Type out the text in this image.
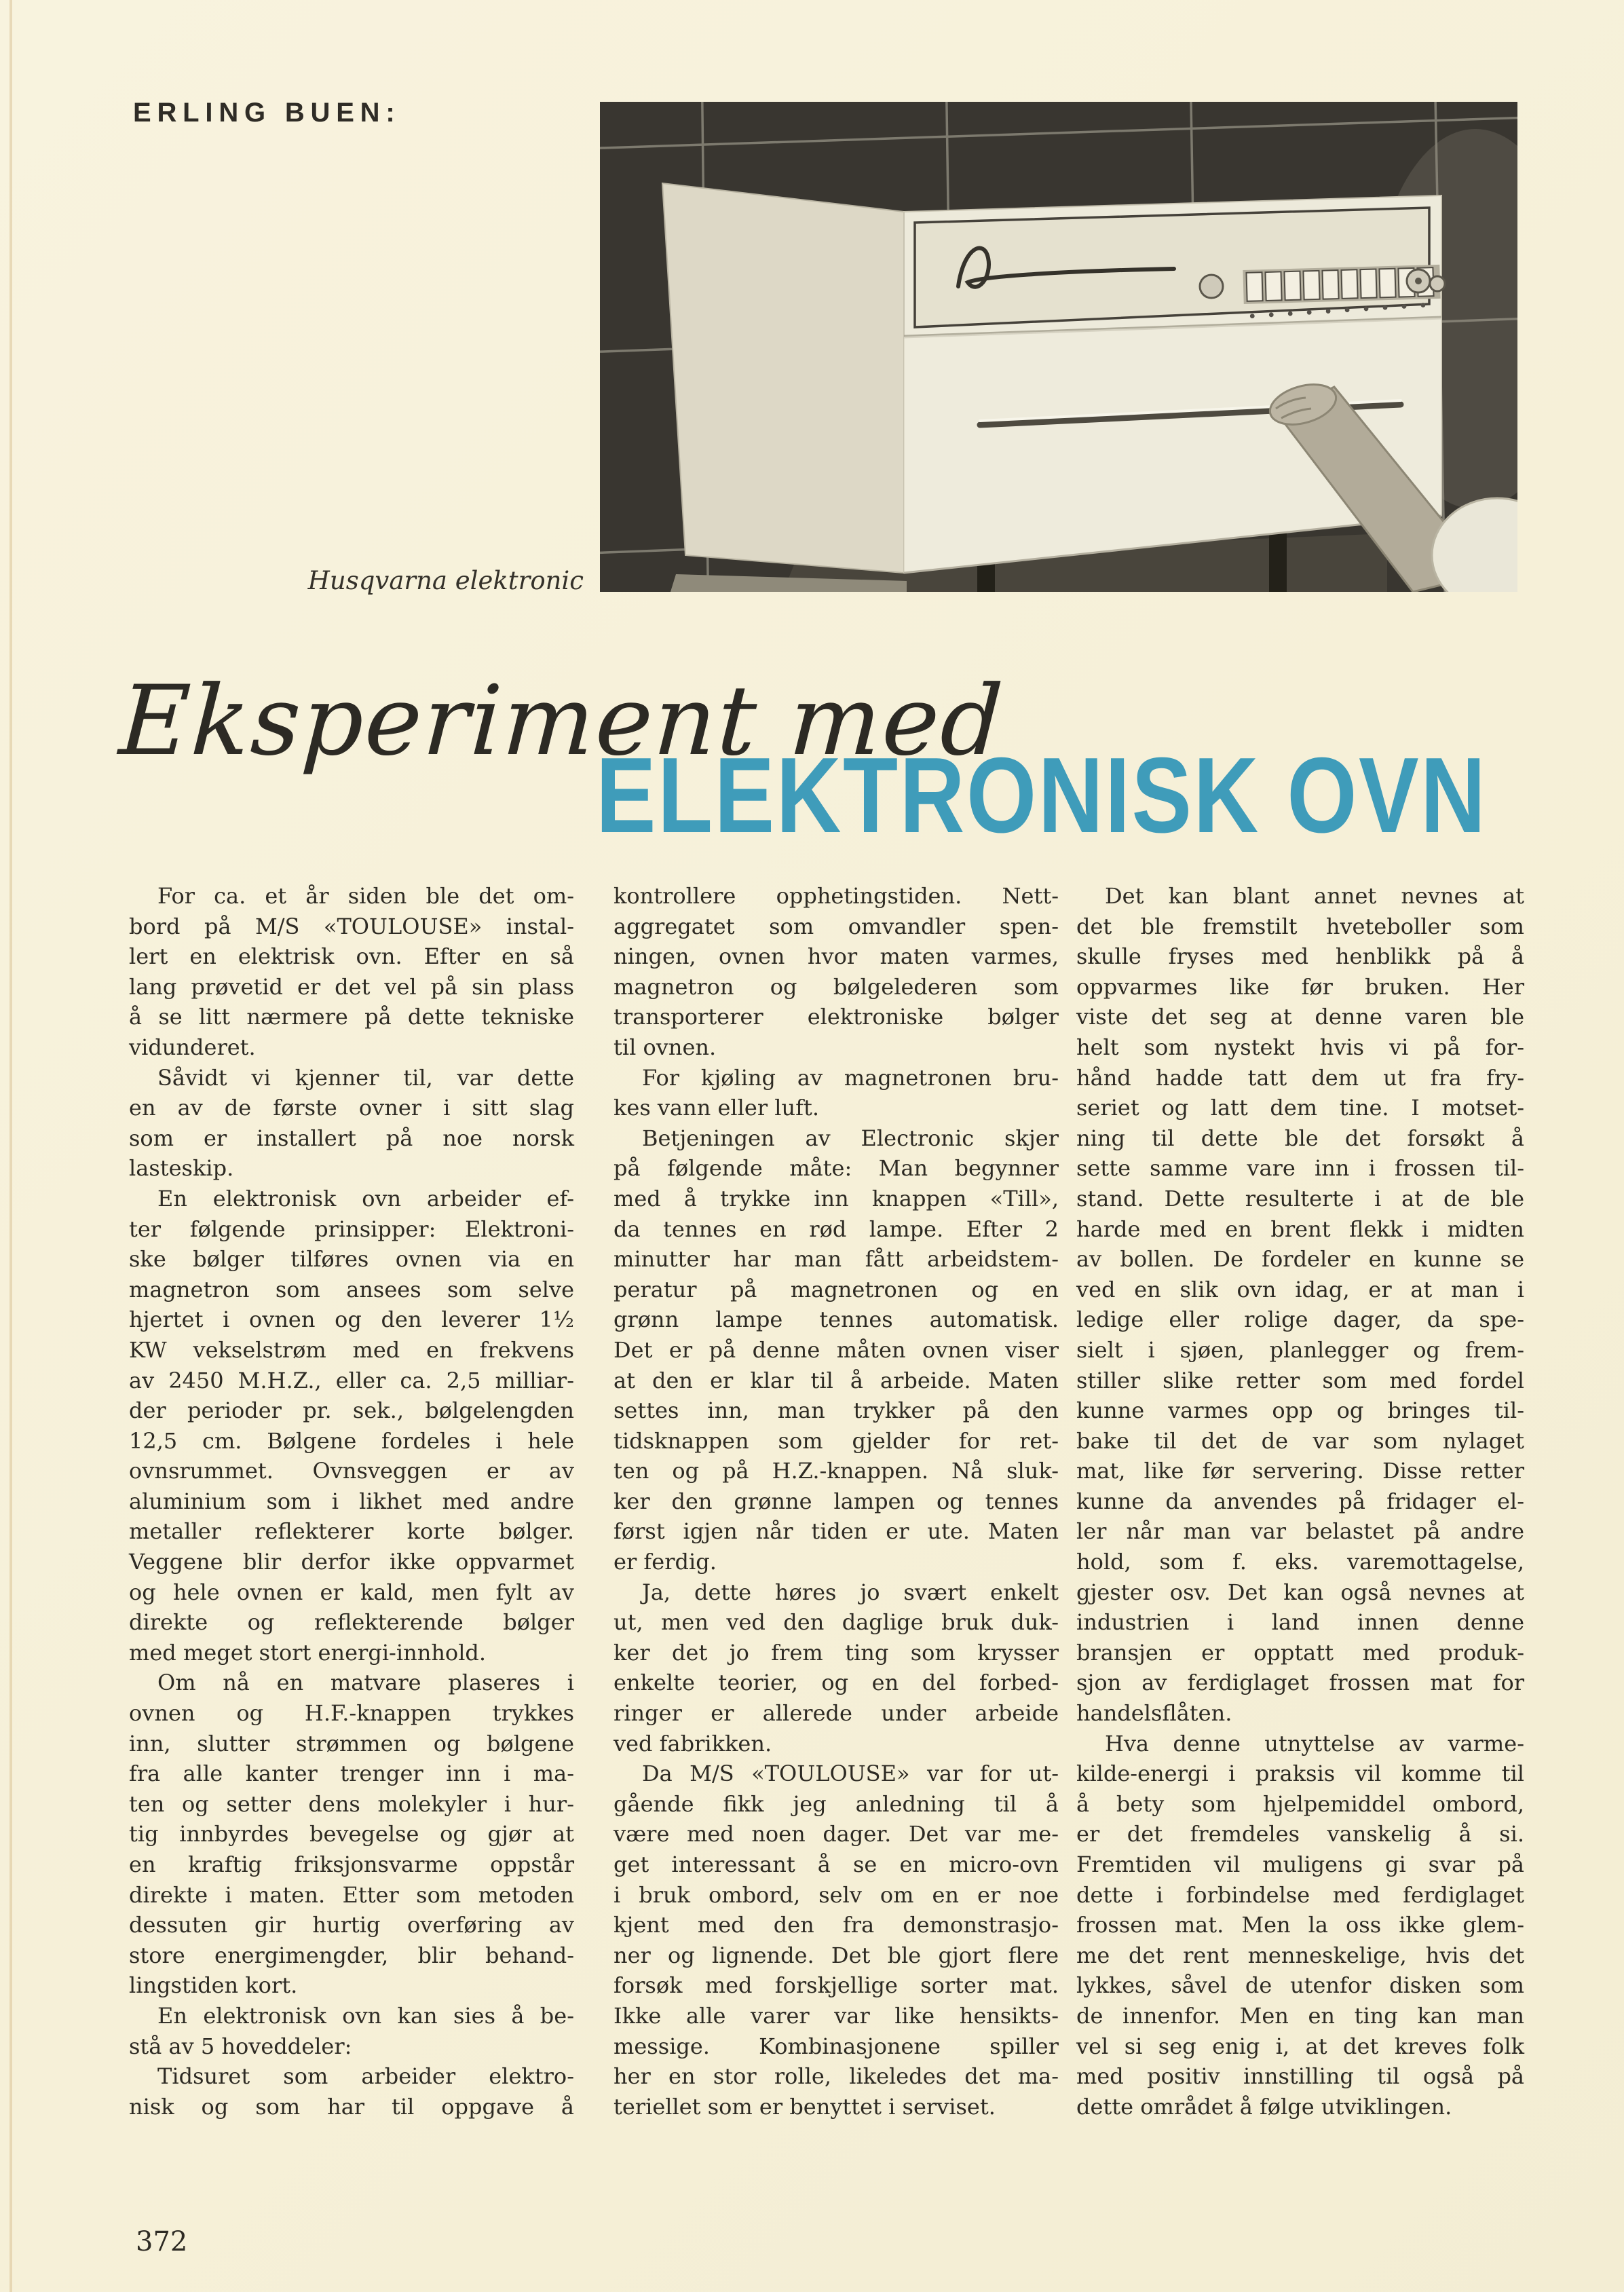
ERLING BUEN:
Husqvarna elektronic
Eksperiment med
ELEKTRONISK OVN
For ca. et år siden ble det om-
bord på M/S «TOULOUSE» instal-
lert en elektrisk ovn. Efter en så
lang prøvetid er det vel på sin plass
å se litt nærmere på dette tekniske
vidunderet.
Såvidt vi kjenner til, var dette
en av de første ovner i sitt slag
som er installert på noe norsk
lasteskip.
En elektronisk ovn arbeider ef-
ter følgende prinsipper: Elektroni-
ske bølger tilføres ovnen via en
magnetron som ansees som selve
hjertet i ovnen og den leverer 1½
KW vekselstrøm med en frekvens
av 2450 M.H.Z., eller ca. 2,5 milliar-
der perioder pr. sek., bølgelengden
12,5 cm. Bølgene fordeles i hele
ovnsrummet. Ovnsveggen er av
aluminium som i likhet med andre
metaller reflekterer korte bølger.
Veggene blir derfor ikke oppvarmet
og hele ovnen er kald, men fylt av
direkte og reflekterende bølger
med meget stort energi-innhold.
Om nå en matvare plaseres i
ovnen og H.F.-knappen trykkes
inn, slutter strømmen og bølgene
fra alle kanter trenger inn i ma-
ten og setter dens molekyler i hur-
tig innbyrdes bevegelse og gjør at
en kraftig friksjonsvarme oppstår
direkte i maten. Etter som metoden
dessuten gir hurtig overføring av
store energimengder, blir behand-
lingstiden kort.
En elektronisk ovn kan sies å be-
stå av 5 hoveddeler:
Tidsuret som arbeider elektro-
nisk og som har til oppgave å
kontrollere opphetingstiden. Nett-
aggregatet som omvandler spen-
ningen, ovnen hvor maten varmes,
magnetron og bølgelederen som
transporterer elektroniske bølger
til ovnen.
For kjøling av magnetronen bru-
kes vann eller luft.
Betjeningen av Electronic skjer
på følgende måte: Man begynner
med å trykke inn knappen «Till»,
da tennes en rød lampe. Efter 2
minutter har man fått arbeidstem-
peratur på magnetronen og en
grønn lampe tennes automatisk.
Det er på denne måten ovnen viser
at den er klar til å arbeide. Maten
settes inn, man trykker på den
tidsknappen som gjelder for ret-
ten og på H.Z.-knappen. Nå sluk-
ker den grønne lampen og tennes
først igjen når tiden er ute. Maten
er ferdig.
Ja, dette høres jo svært enkelt
ut, men ved den daglige bruk duk-
ker det jo frem ting som krysser
enkelte teorier, og en del forbed-
ringer er allerede under arbeide
ved fabrikken.
Da M/S «TOULOUSE» var for ut-
gående fikk jeg anledning til å
være med noen dager. Det var me-
get interessant å se en micro-ovn
i bruk ombord, selv om en er noe
kjent med den fra demonstrasjo-
ner og lignende. Det ble gjort flere
forsøk med forskjellige sorter mat.
Ikke alle varer var like hensikts-
messige. Kombinasjonene spiller
her en stor rolle, likeledes det ma-
teriellet som er benyttet i serviset.
Det kan blant annet nevnes at
det ble fremstilt hveteboller som
skulle fryses med henblikk på å
oppvarmes like før bruken. Her
viste det seg at denne varen ble
helt som nystekt hvis vi på for-
hånd hadde tatt dem ut fra fry-
seriet og latt dem tine. I motset-
ning til dette ble det forsøkt å
sette samme vare inn i frossen til-
stand. Dette resulterte i at de ble
harde med en brent flekk i midten
av bollen. De fordeler en kunne se
ved en slik ovn idag, er at man i
ledige eller rolige dager, da spe-
sielt i sjøen, planlegger og frem-
stiller slike retter som med fordel
kunne varmes opp og bringes til-
bake til det de var som nylaget
mat, like før servering. Disse retter
kunne da anvendes på fridager el-
ler når man var belastet på andre
hold, som f. eks. varemottagelse,
gjester osv. Det kan også nevnes at
industrien i land innen denne
bransjen er opptatt med produk-
sjon av ferdiglaget frossen mat for
handelsflåten.
Hva denne utnyttelse av varme-
kilde-energi i praksis vil komme til
å bety som hjelpemiddel ombord,
er det fremdeles vanskelig å si.
Fremtiden vil muligens gi svar på
dette i forbindelse med ferdiglaget
frossen mat. Men la oss ikke glem-
me det rent menneskelige, hvis det
lykkes, såvel de utenfor disken som
de innenfor. Men en ting kan man
vel si seg enig i, at det kreves folk
med positiv innstilling til også på
dette området å følge utviklingen.
372
